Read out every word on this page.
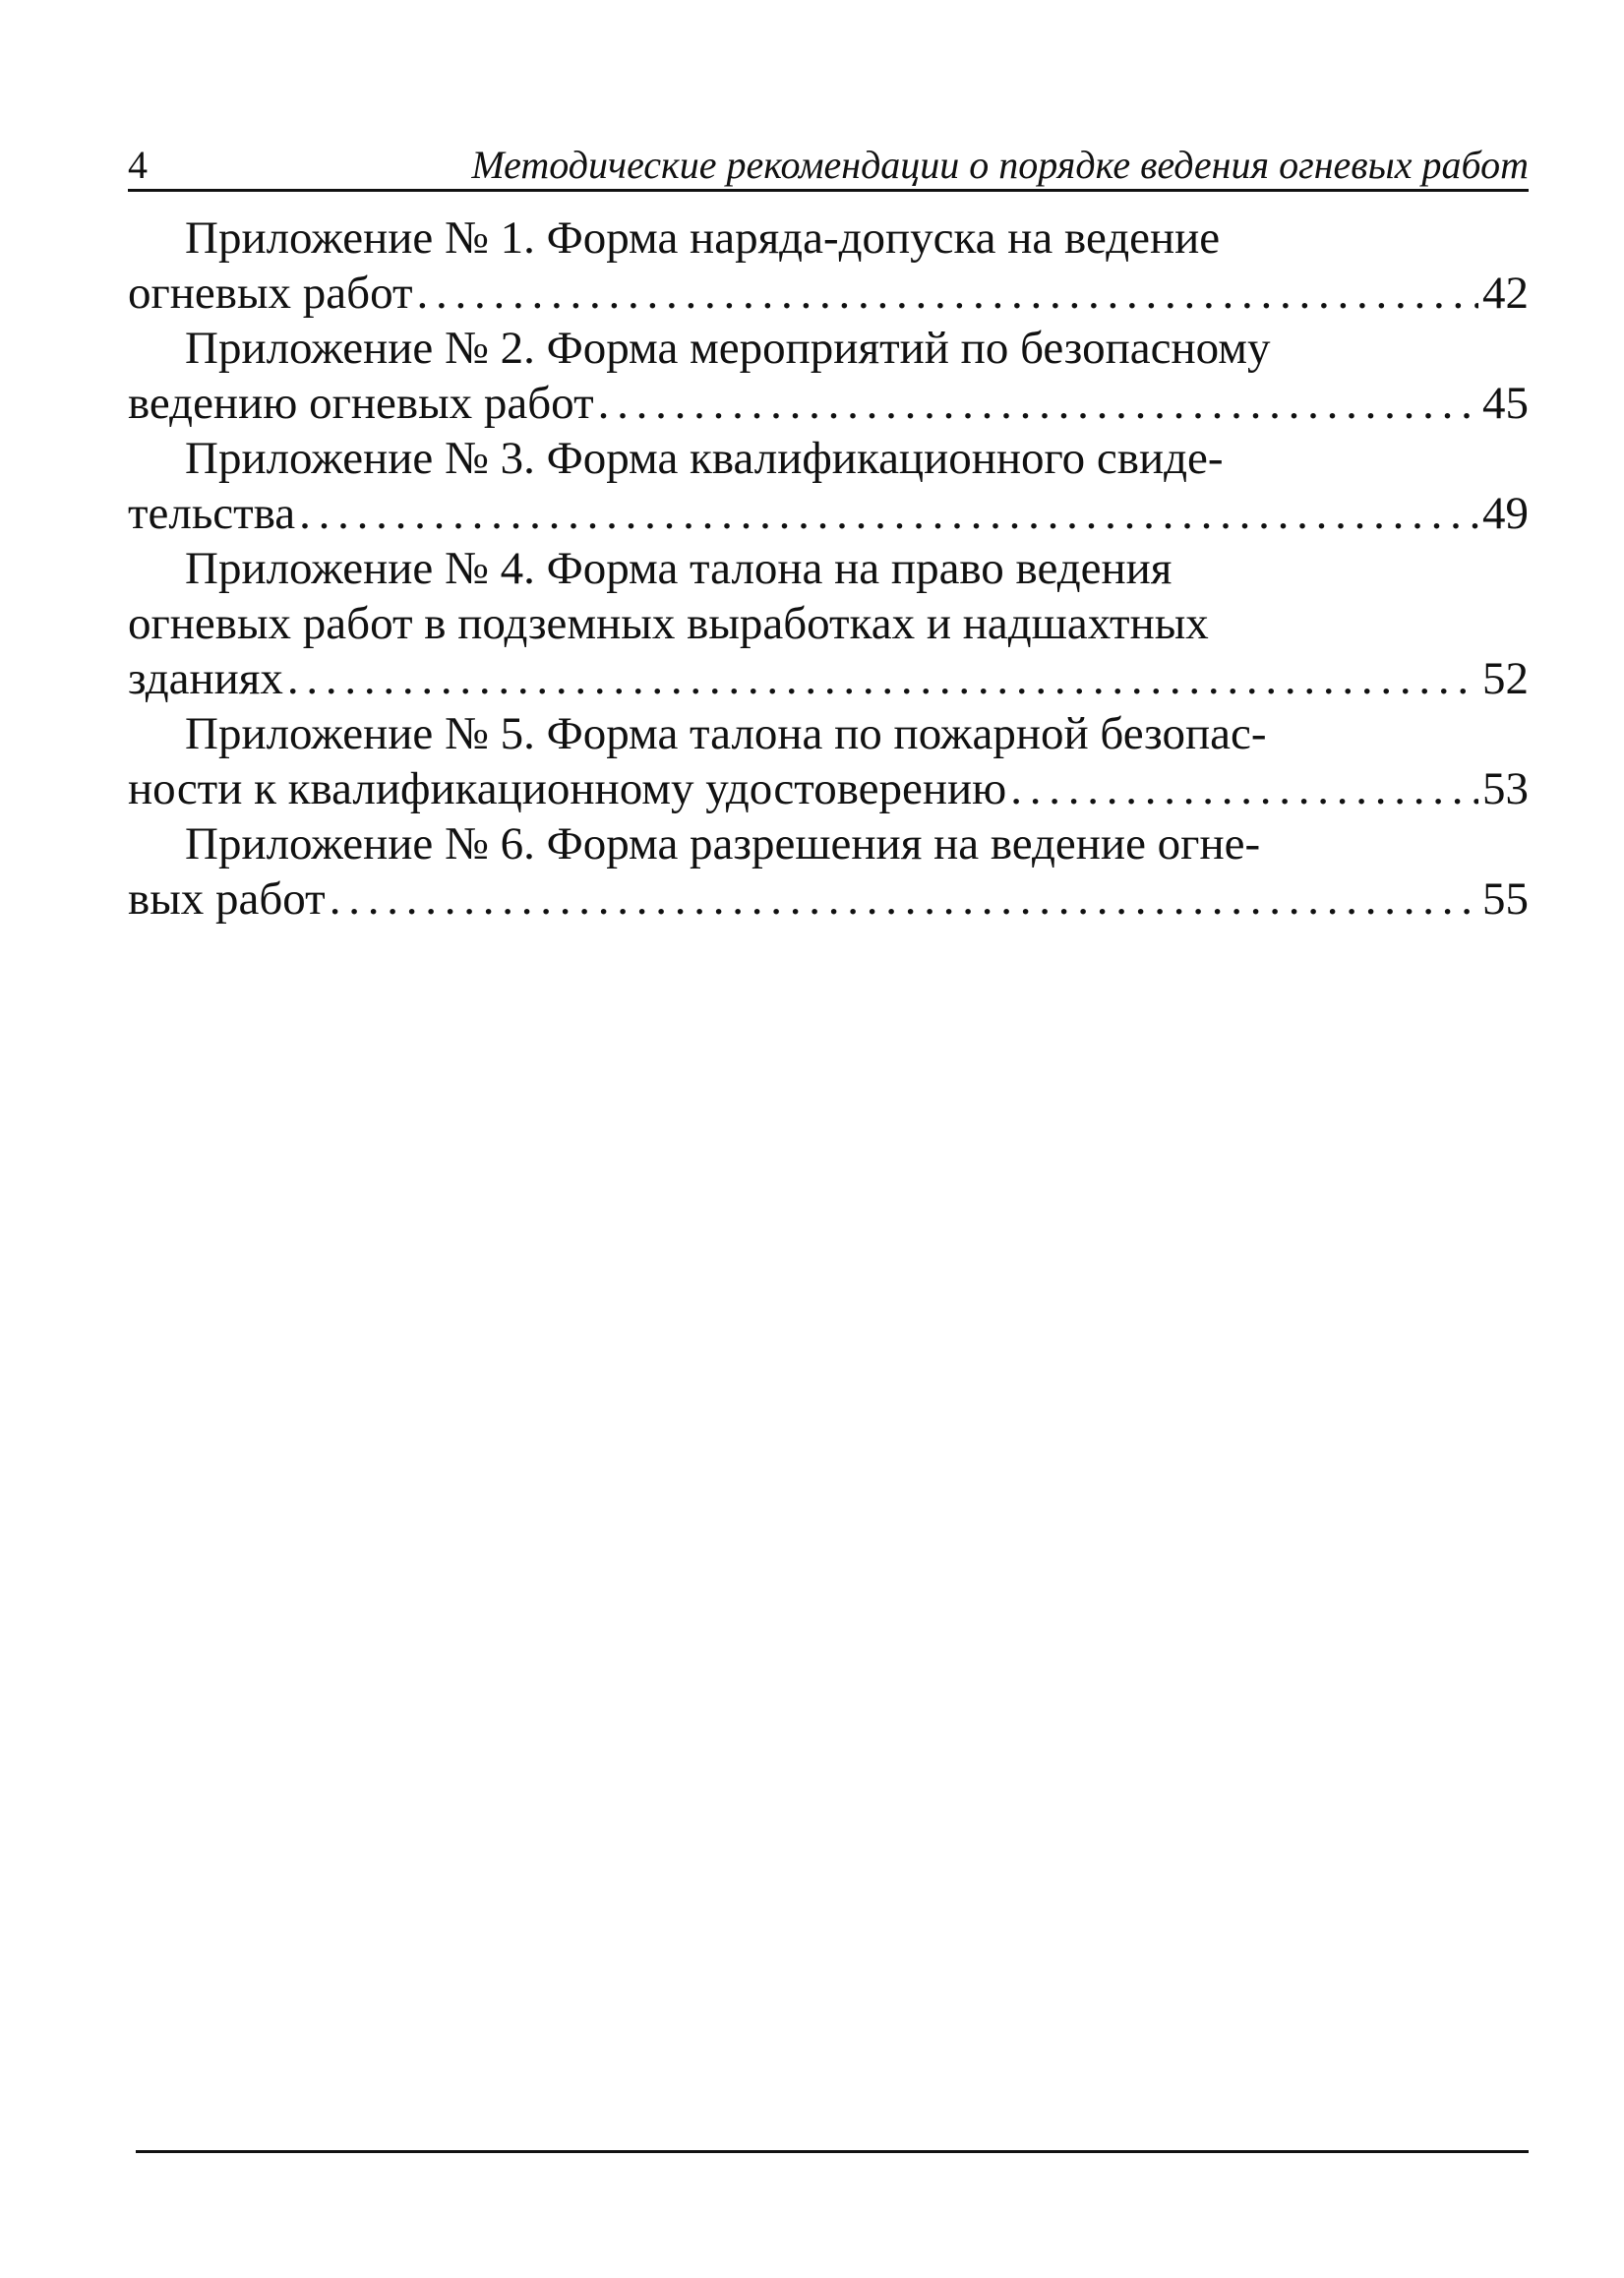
4	Методические рекомендации о порядке ведения огневых работ
Приложение № 1. Форма наряда-допуска на ведение
огневых работ . . .	42
Приложение № 2. Форма мероприятий по безопасному
ведению огневых работ . . .	45
Приложение № 3. Форма квалификационного свиде-
тельства . . .	49
Приложение № 4. Форма талона на право ведения
огневых работ в подземных выработках и надшахтных
зданиях . . .	52
Приложение № 5. Форма талона по пожарной безопас-
ности к квалификационному удостоверению . . .	53
Приложение № 6. Форма разрешения на ведение огне-
вых работ . . .	55
